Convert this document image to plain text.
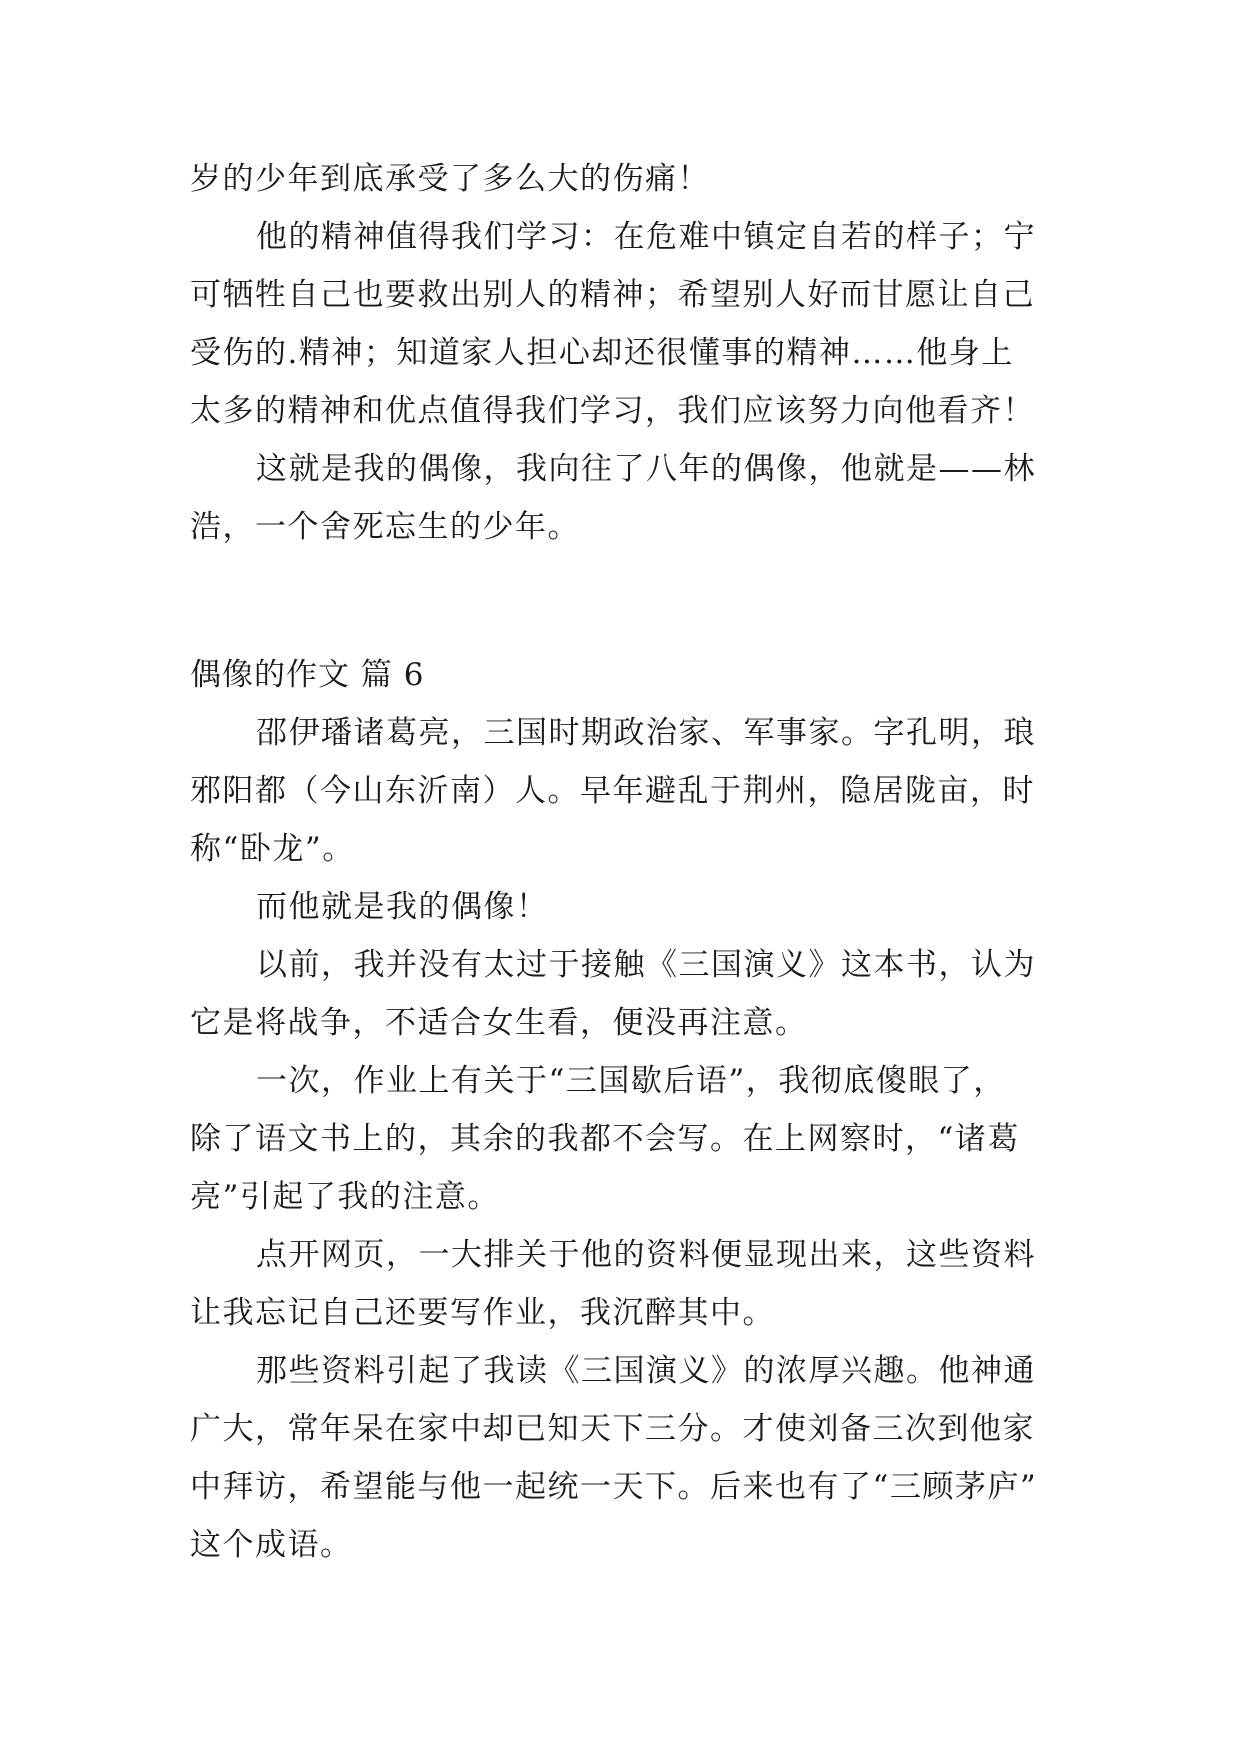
岁的少年到底承受了多么大的伤痛！
他的精神值得我们学习：在危难中镇定自若的样子；宁
可牺牲自己也要救出别人的精神；希望别人好而甘愿让自己
受伤的.精神；知道家人担心却还很懂事的精神……他身上
太多的精神和优点值得我们学习，我们应该努力向他看齐！
这就是我的偶像，我向往了八年的偶像，他就是——林
浩，一个舍死忘生的少年。
偶像的作文 篇 6
邵伊璠诸葛亮，三国时期政治家、军事家。字孔明，琅
邪阳都（今山东沂南）人。早年避乱于荆州，隐居陇亩，时
称“卧龙”。
而他就是我的偶像！
以前，我并没有太过于接触《三国演义》这本书，认为
它是将战争，不适合女生看，便没再注意。
一次，作业上有关于“三国歇后语”，我彻底傻眼了，
除了语文书上的，其余的我都不会写。在上网察时，“诸葛
亮”引起了我的注意。
点开网页，一大排关于他的资料便显现出来，这些资料
让我忘记自己还要写作业，我沉醉其中。
那些资料引起了我读《三国演义》的浓厚兴趣。他神通
广大，常年呆在家中却已知天下三分。才使刘备三次到他家
中拜访，希望能与他一起统一天下。后来也有了“三顾茅庐”
这个成语。
